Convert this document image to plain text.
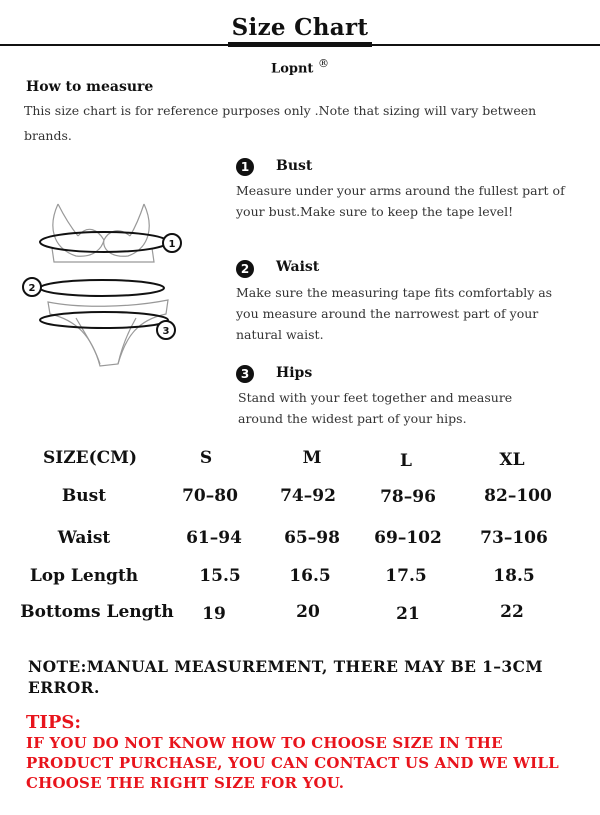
Size Chart
Lopnt ®
How to measure
This size chart is for reference purposes only .Note that sizing will vary between brands.
1
2
3
1	Bust
Measure under your arms around the fullest part of your bust.Make sure to keep the tape level!
2	Waist
Make sure the measuring tape fits comfortably as you measure around the narrowest part of your natural waist.
3	Hips
Stand with your feet together and measure around the widest part of your hips.
SIZE(CM)	S	M	L	XL
Bust	70–80	74–92	78–96	82–100
Waist	61–94	65–98	69–102	73–106
Lop Length	15.5	16.5	17.5	18.5
Bottoms Length	19	20	21	22
NOTE:MANUAL MEASUREMENT, THERE MAY BE 1–3CM ERROR.
TIPS:
IF YOU DO NOT KNOW HOW TO CHOOSE SIZE IN THE PRODUCT PURCHASE, YOU CAN CONTACT US AND WE WILL CHOOSE THE RIGHT SIZE FOR YOU.
